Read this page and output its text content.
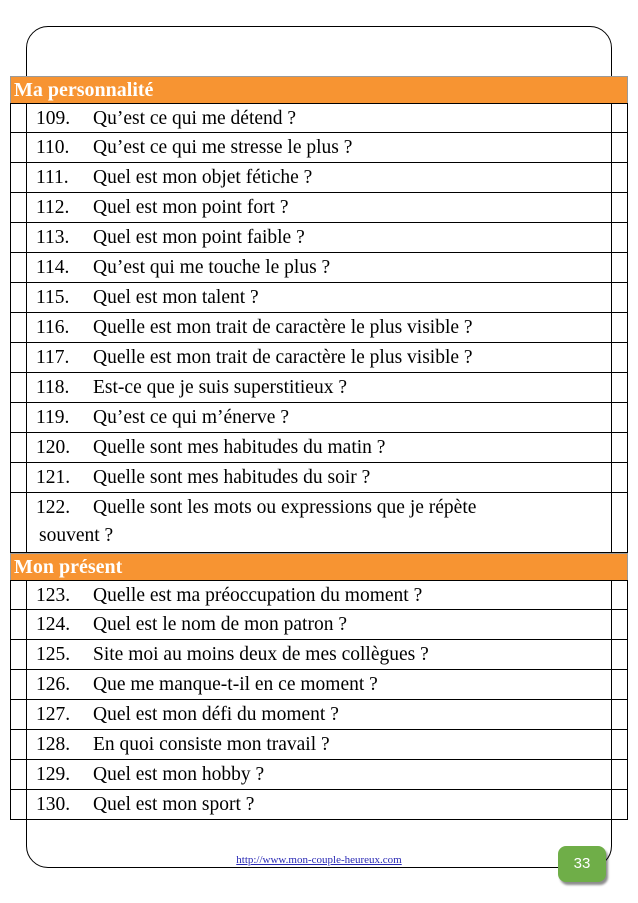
Ma personnalité
109.	Qu’est ce qui me détend ?
110.	Qu’est ce qui me stresse le plus ?
111.	Quel est mon objet fétiche ?
112.	Quel est mon point fort ?
113.	Quel est mon point faible ?
114.	Qu’est qui me touche le plus ?
115.	Quel est mon talent ?
116.	Quelle est mon trait de caractère le plus visible ?
117.	Quelle est mon trait de caractère le plus visible ?
118.	Est-ce que je suis superstitieux ?
119.	Qu’est ce qui m’énerve ?
120.	Quelle sont mes habitudes du matin ?
121.	Quelle sont mes habitudes du soir ?
122.	Quelle sont les mots ou expressions que je répète
souvent ?
Mon présent
123.	Quelle est ma préoccupation du moment ?
124.	Quel est le nom de mon patron ?
125.	Site moi au moins deux de mes collègues ?
126.	Que me manque-t-il en ce moment ?
127.	Quel est mon défi du moment ?
128.	En quoi consiste mon travail ?
129.	Quel est mon hobby ?
130.	Quel est mon sport ?
http://www.mon-couple-heureux.com	33
